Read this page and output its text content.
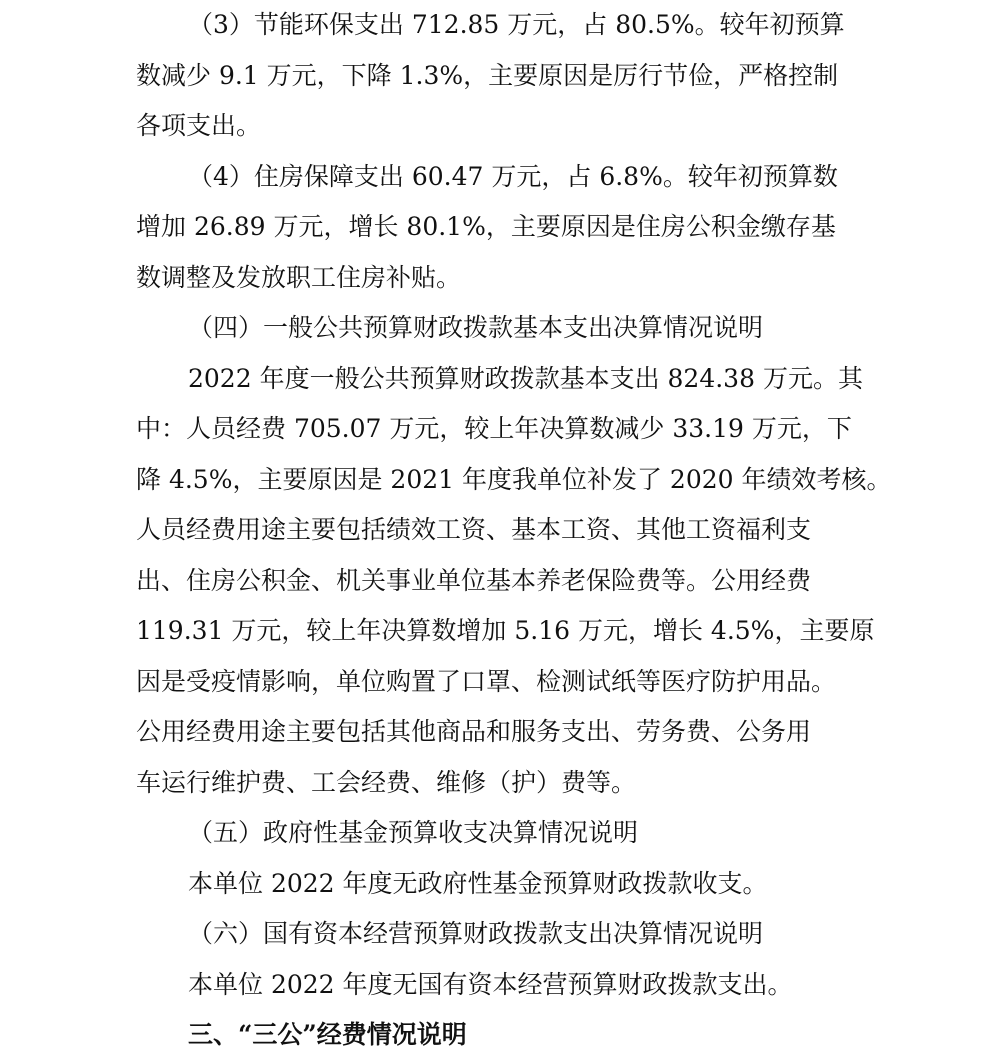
（3）节能环保支出 712.85 万元，占 80.5%。较年初预算
数减少 9.1 万元，下降 1.3%，主要原因是厉行节俭，严格控制
各项支出。
（4）住房保障支出 60.47 万元，占 6.8%。较年初预算数
增加 26.89 万元，增长 80.1%，主要原因是住房公积金缴存基
数调整及发放职工住房补贴。
（四）一般公共预算财政拨款基本支出决算情况说明
2022 年度一般公共预算财政拨款基本支出 824.38 万元。其
中：人员经费 705.07 万元，较上年决算数减少 33.19 万元，下
降 4.5%，主要原因是 2021 年度我单位补发了 2020 年绩效考核。
人员经费用途主要包括绩效工资、基本工资、其他工资福利支
出、住房公积金、机关事业单位基本养老保险费等。公用经费
119.31 万元，较上年决算数增加 5.16 万元，增长 4.5%，主要原
因是受疫情影响，单位购置了口罩、检测试纸等医疗防护用品。
公用经费用途主要包括其他商品和服务支出、劳务费、公务用
车运行维护费、工会经费、维修（护）费等。
（五）政府性基金预算收支决算情况说明
本单位 2022 年度无政府性基金预算财政拨款收支。
（六）国有资本经营预算财政拨款支出决算情况说明
本单位 2022 年度无国有资本经营预算财政拨款支出。
三、“三公”经费情况说明
